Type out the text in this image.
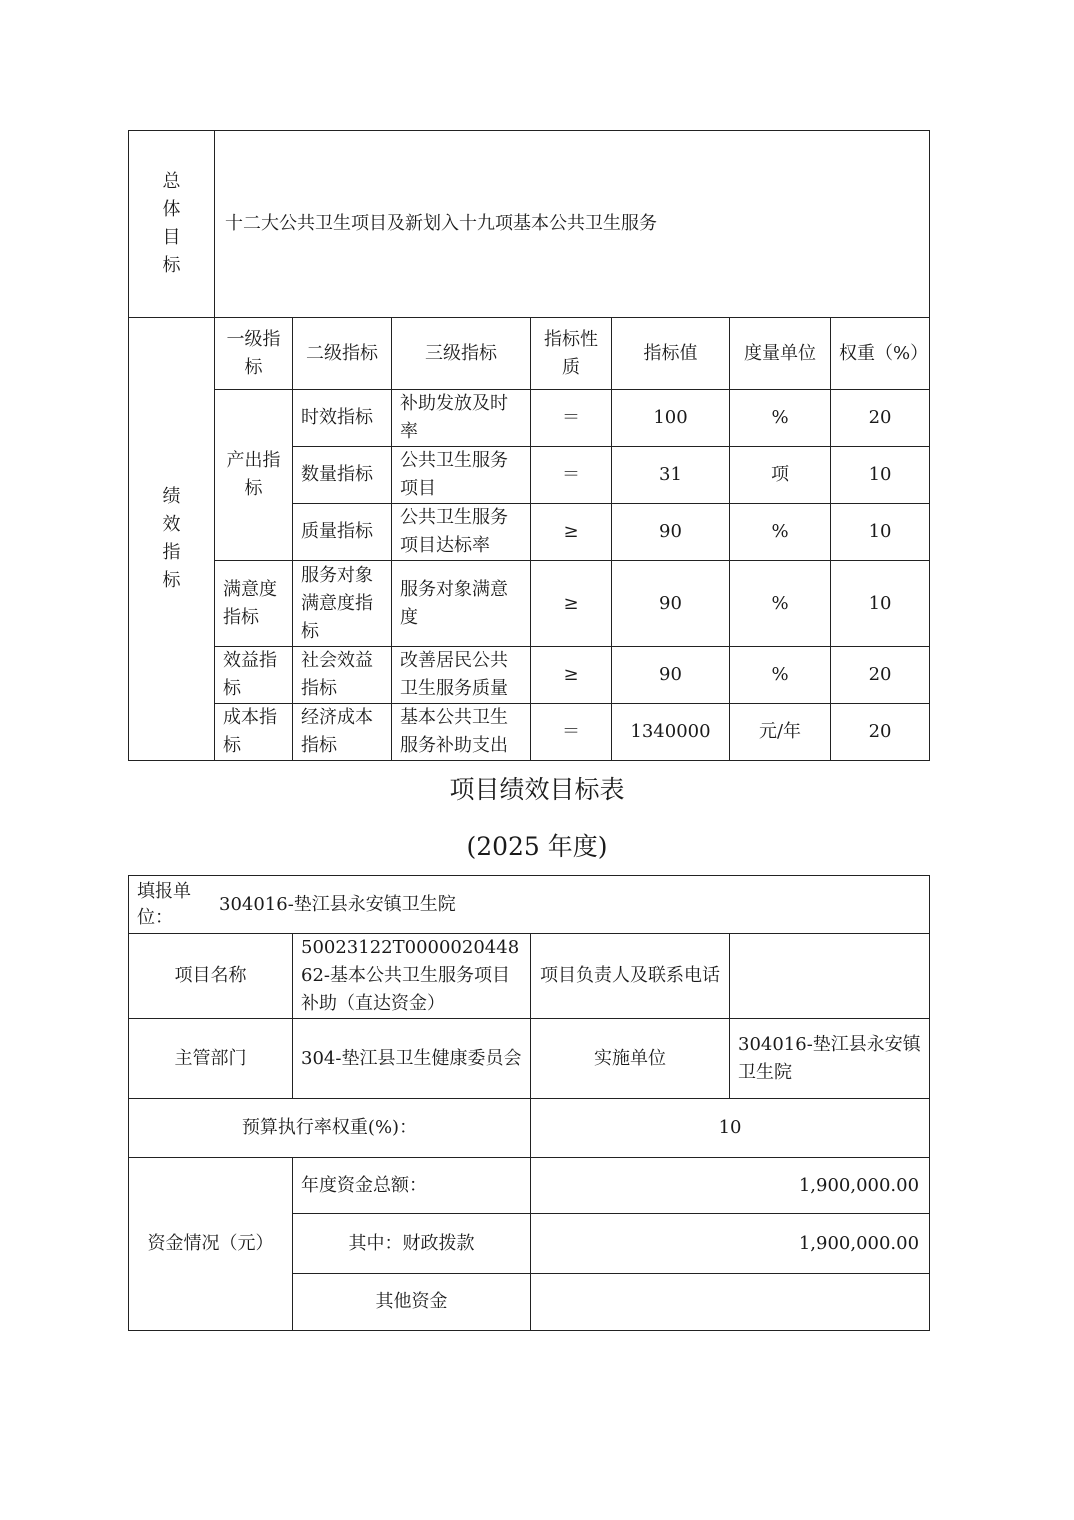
总
体
目
标	十二大公共卫生项目及新划入十九项基本公共卫生服务						

绩
效
指
标	一级指标	二级指标	三级指标	指标性质	指标值	度量单位	权重（%）
	产出指标	时效指标	补助发放及时率	＝	100	%	20
		数量指标	公共卫生服务项目	＝	31	项	10
		质量指标	公共卫生服务项目达标率	≥	90	%	10
	满意度指标	服务对象满意度指标	服务对象满意度	≥	90	%	10
	效益指标	社会效益指标	改善居民公共卫生服务质量	≥	90	%	20
	成本指标	经济成本指标	基本公共卫生服务补助支出	＝	1340000	元/年	20
项目绩效目标表
(2025 年度)
填报单位：
304016-垫江县永安镇卫生院			

项目名称	50023122T000002044862-基本公共卫生服务项目补助（直达资金）	项目负责人及联系电话	
主管部门	304-垫江县卫生健康委员会	实施单位	304016-垫江县永安镇卫生院
预算执行率权重(%)：		10	
资金情况（元）	年度资金总额：	1,900,000.00	
	其中：财政拨款	1,900,000.00	
	其他资金		
